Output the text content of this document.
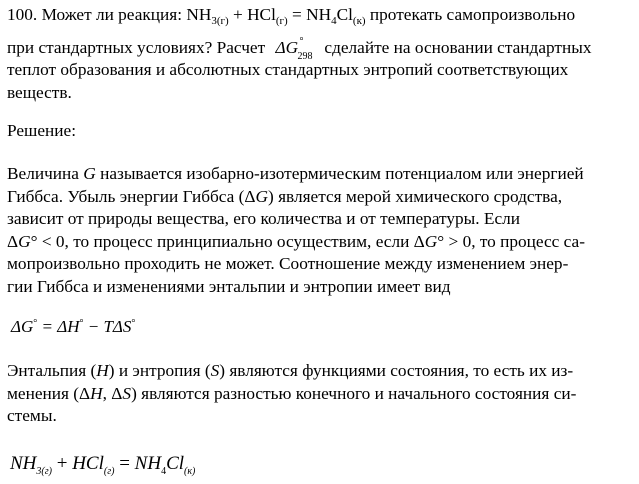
100. Может ли реакция: $NH_{3(г)} + HCl_{(г)} = NH_4Cl_{(к)}$ протекать самопроизвольно
при стандартных условиях? Расчет ΔG °
298 сделайте на основании стандартных
теплот образования и абсолютных стандартных энтропий соответствующих
веществ.
Решение:
Величина G называется изобарно-изотермическим потенциалом или энергией
Гиббса. Убыль энергии Гиббса (ΔG) является мерой химического сродства,
зависит от природы вещества, его количества и от температуры. Если
ΔG° < 0, то процесс принципиально осуществим, если ΔG° > 0, то процесс са-
мопроизвольно проходить не может. Соотношение между изменением энер-
гии Гиббса и изменениями энтальпии и энтропии имеет вид
ΔG° = ΔH° − TΔS°
Энтальпия (H) и энтропия (S) являются функциями состояния, то есть их из-
менения (ΔH, ΔS) являются разностью конечного и начального состояния си-
стемы.
$NH_{3(г)} + HCl_{(г)} = NH_4Cl_{(к)}$
